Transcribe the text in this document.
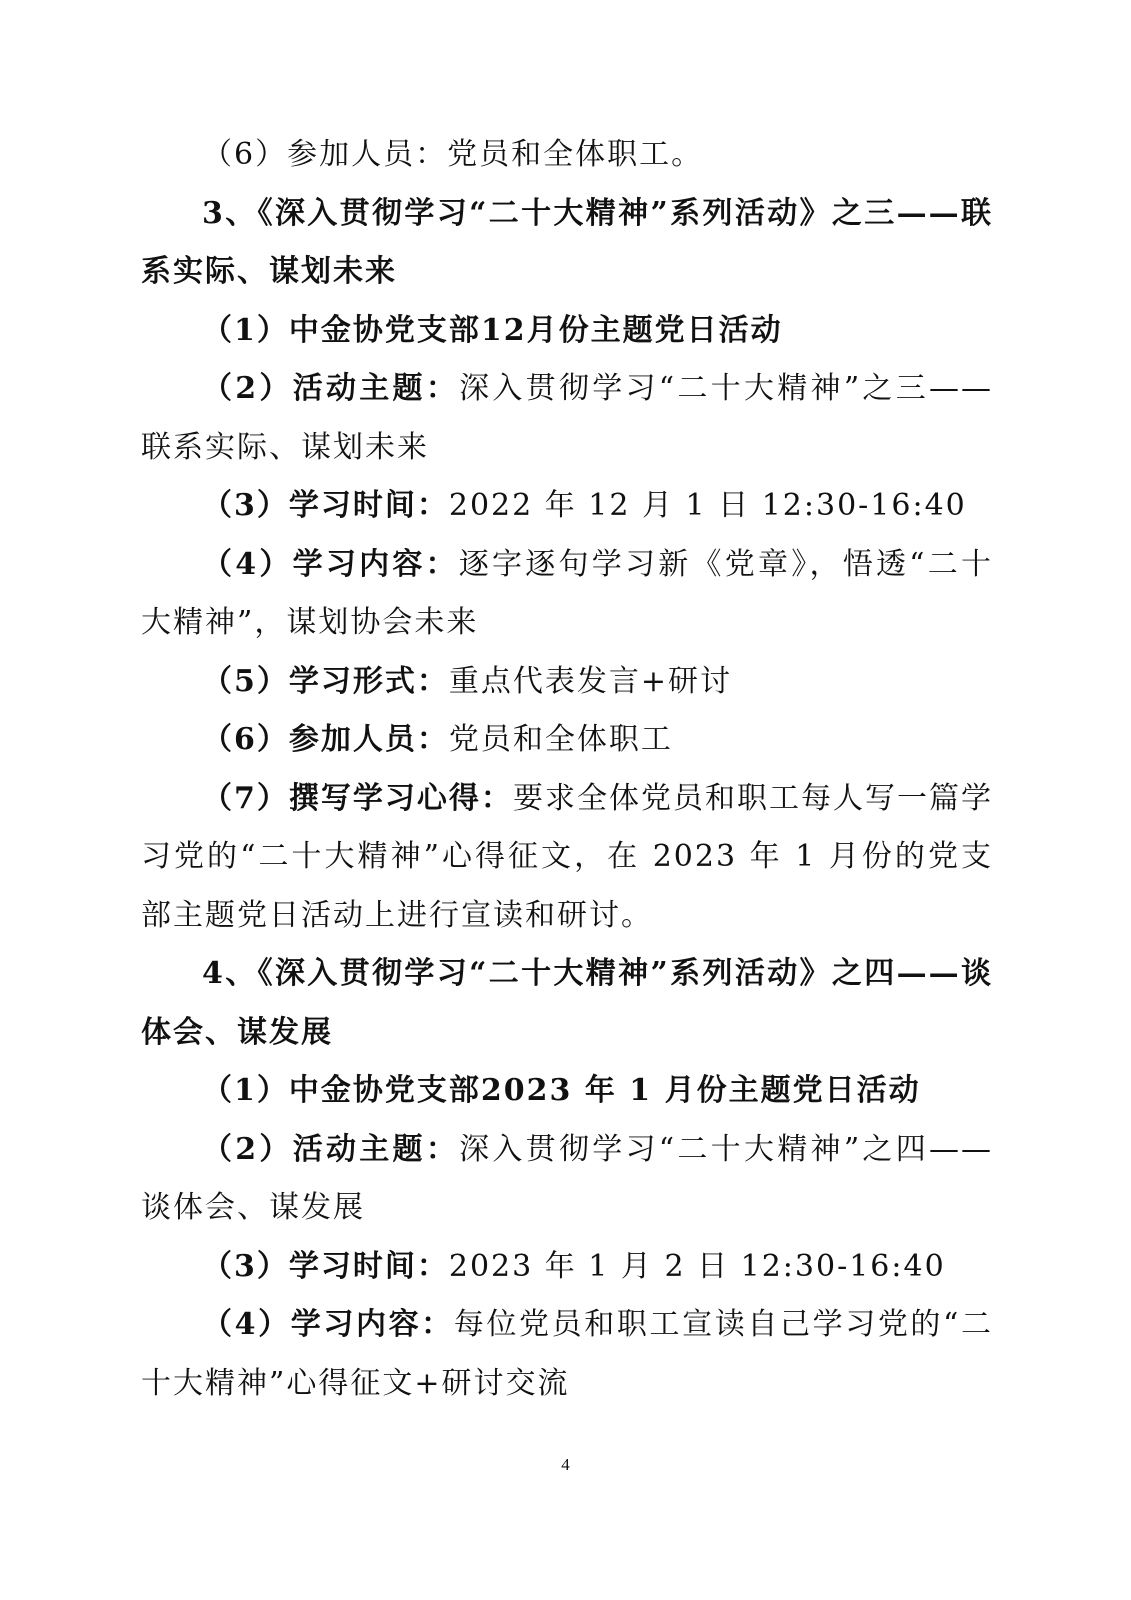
（6）参加人员：党员和全体职工。

3、《深入贯彻学习“二十大精神”系列活动》之三——联系实际、谋划未来

（1）中金协党支部12月份主题党日活动

（2）活动主题：深入贯彻学习“二十大精神”之三——联系实际、谋划未来

（3）学习时间：2022 年 12 月 1 日 12:30-16:40

（4）学习内容：逐字逐句学习新《党章》，悟透“二十大精神”，谋划协会未来

（5）学习形式：重点代表发言+研讨

（6）参加人员：党员和全体职工

（7）撰写学习心得：要求全体党员和职工每人写一篇学习党的“二十大精神”心得征文，在 2023 年 1 月份的党支部主题党日活动上进行宣读和研讨。

4、《深入贯彻学习“二十大精神”系列活动》之四——谈体会、谋发展

（1）中金协党支部2023 年 1 月份主题党日活动

（2）活动主题：深入贯彻学习“二十大精神”之四——谈体会、谋发展

（3）学习时间：2023 年 1 月 2 日 12:30-16:40

（4）学习内容：每位党员和职工宣读自己学习党的“二十大精神”心得征文+研讨交流

4
